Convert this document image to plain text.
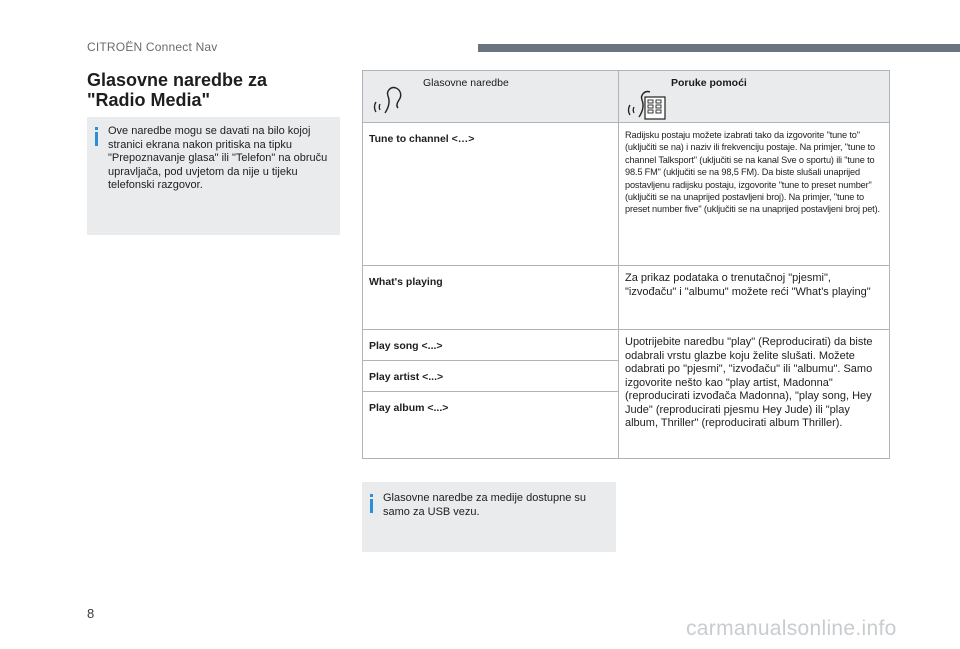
CITROËN Connect Nav
Glasovne naredbe za
"Radio Media"
Ove naredbe mogu se davati na bilo kojoj stranici ekrana nakon pritiska na tipku "Prepoznavanje glasa" ili "Telefon" na obruču upravljača, pod uvjetom da nije u tijeku telefonski razgovor.
Glasovne naredbe	Poruke pomoći

Tune to channel <…>	Radijsku postaju možete izabrati tako da izgovorite "tune to" (uključiti se na) i naziv ili frekvenciju postaje. Na primjer, "tune to channel Talksport" (uključiti se na kanal Sve o sportu) ili "tune to 98.5 FM" (uključiti se na 98,5 FM). Da biste slušali unaprijed postavljenu radijsku postaju, izgovorite "tune to preset number" (uključiti se na unaprijed postavljeni broj). Na primjer, "tune to preset number five" (uključiti se na unaprijed postavljeni broj pet).

What's playing	Za prikaz podataka o trenutačnoj "pjesmi", "izvođaču" i "albumu" možete reći "What's playing"

Play song <...>	Upotrijebite naredbu "play" (Reproducirati) da biste odabrali vrstu glazbe koju želite slušati. Možete odabrati po "pjesmi", "izvođaču" ili "albumu". Samo izgovorite nešto kao "play artist, Madonna" (reproducirati izvođača Madonna), "play song, Hey Jude" (reproducirati pjesmu Hey Jude) ili "play album, Thriller" (reproducirati album Thriller).

Play artist <...>	
Play album <...>	
Glasovne naredbe za medije dostupne su samo za USB vezu.
8
carmanualsonline.info
